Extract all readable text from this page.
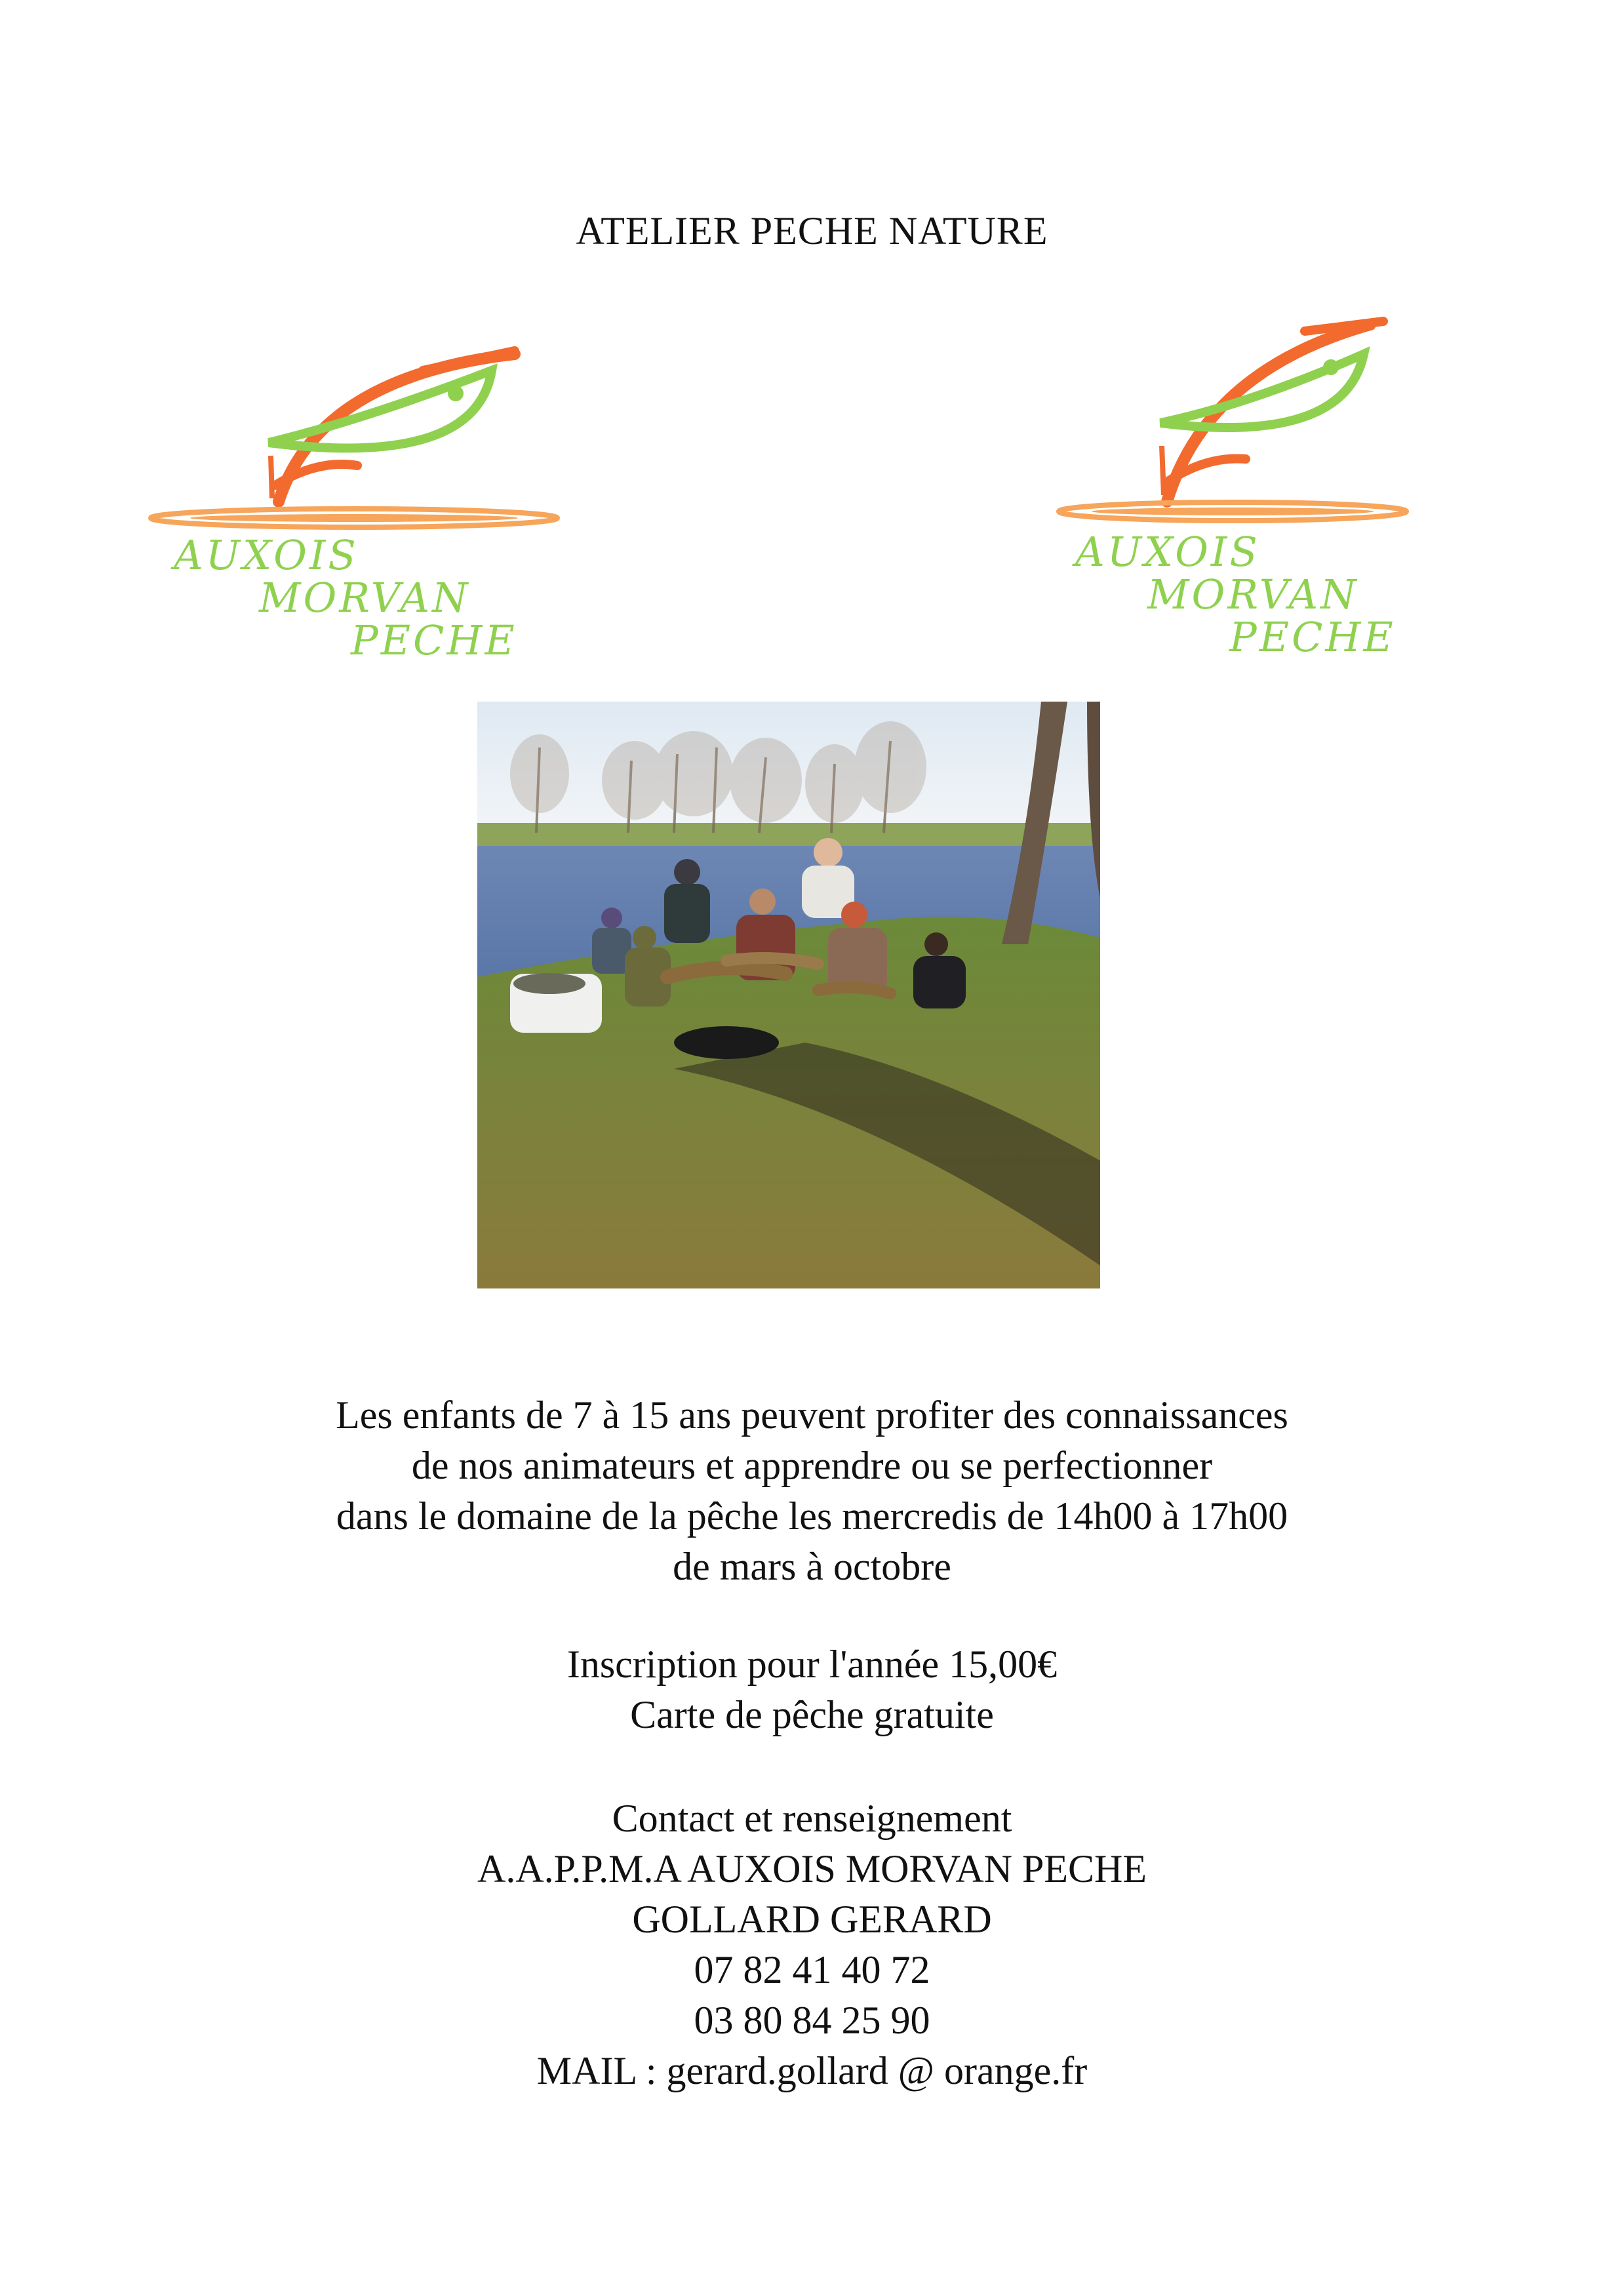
ATELIER PECHE NATURE
AUXOIS
MORVAN
PECHE
AUXOIS
MORVAN
PECHE
Les enfants de 7 à 15 ans peuvent profiter des connaissances
de nos animateurs et apprendre ou se perfectionner
dans le domaine de la pêche les mercredis de 14h00 à 17h00
de mars à octobre
Inscription pour l'année 15,00€
Carte de pêche gratuite
Contact et renseignement
A.A.P.P.M.A AUXOIS MORVAN PECHE
GOLLARD GERARD
07 82 41 40 72
03 80 84 25 90
MAIL : gerard.gollard @ orange.fr
